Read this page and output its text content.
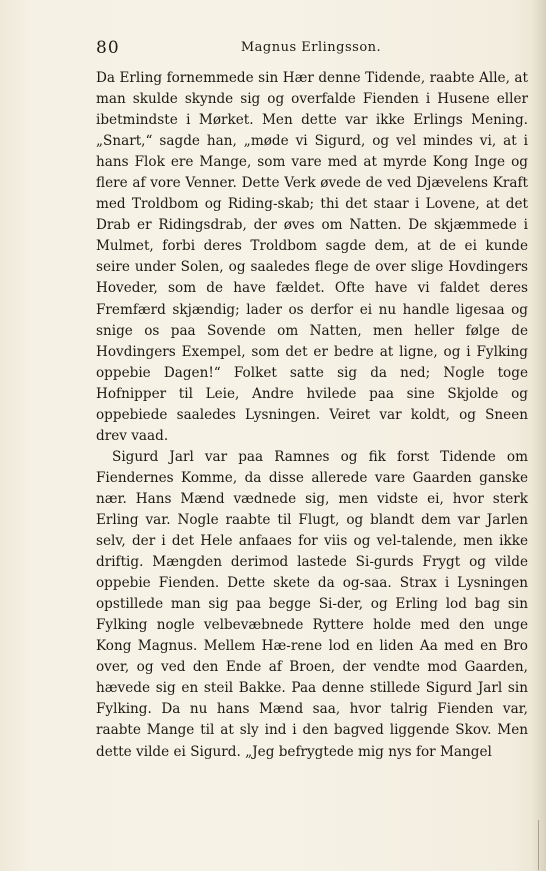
80	Magnus Erlingsson.

Da Erling fornemmede sin Hær denne Tidende, raabte Alle, at man skulde skynde sig og overfalde Fienden i Husene eller ibetmindste i Mørket. Men dette var ikke Erlings Mening. „Snart,“ sagde han, „møde vi Sigurd, og vel mindes vi, at i hans Flok ere Mange, som vare med at myrde Kong Inge og flere af vore Venner. Dette Verk øvede de ved Djævelens Kraft med Troldbom og Riding-skab; thi det staar i Lovene, at det Drab er Ridingsdrab, der øves om Natten. De skjæmmede i Mulmet, forbi deres Troldbom sagde dem, at de ei kunde seire under Solen, og saaledes flege de over slige Hovdingers Hoveder, som de have fældet. Ofte have vi faldet deres Fremfærd skjændig; lader os derfor ei nu handle ligesaa og snige os paa Sovende om Natten, men heller følge de Hovdingers Exempel, som det er bedre at ligne, og i Fylking oppebie Dagen!“ Folket satte sig da ned; Nogle toge Hofnipper til Leie, Andre hvilede paa sine Skjolde og oppebiede saaledes Lysningen. Veiret var koldt, og Sneen drev vaad.

Sigurd Jarl var paa Ramnes og fik forst Tidende om Fiendernes Komme, da disse allerede vare Gaarden ganske nær. Hans Mænd vædnede sig, men vidste ei, hvor sterk Erling var. Nogle raabte til Flugt, og blandt dem var Jarlen selv, der i det Hele anfaaes for viis og vel-talende, men ikke driftig. Mængden derimod lastede Si-gurds Frygt og vilde oppebie Fienden. Dette skete da og-saa. Strax i Lysningen opstillede man sig paa begge Si-der, og Erling lod bag sin Fylking nogle velbevæbnede Ryttere holde med den unge Kong Magnus. Mellem Hæ-rene lod en liden Aa med en Bro over, og ved den Ende af Broen, der vendte mod Gaarden, hævede sig en steil Bakke. Paa denne stillede Sigurd Jarl sin Fylking. Da nu hans Mænd saa, hvor talrig Fienden var, raabte Mange til at sly ind i den bagved liggende Skov. Men dette vilde ei Sigurd. „Jeg befrygtede mig nys for Mangel
